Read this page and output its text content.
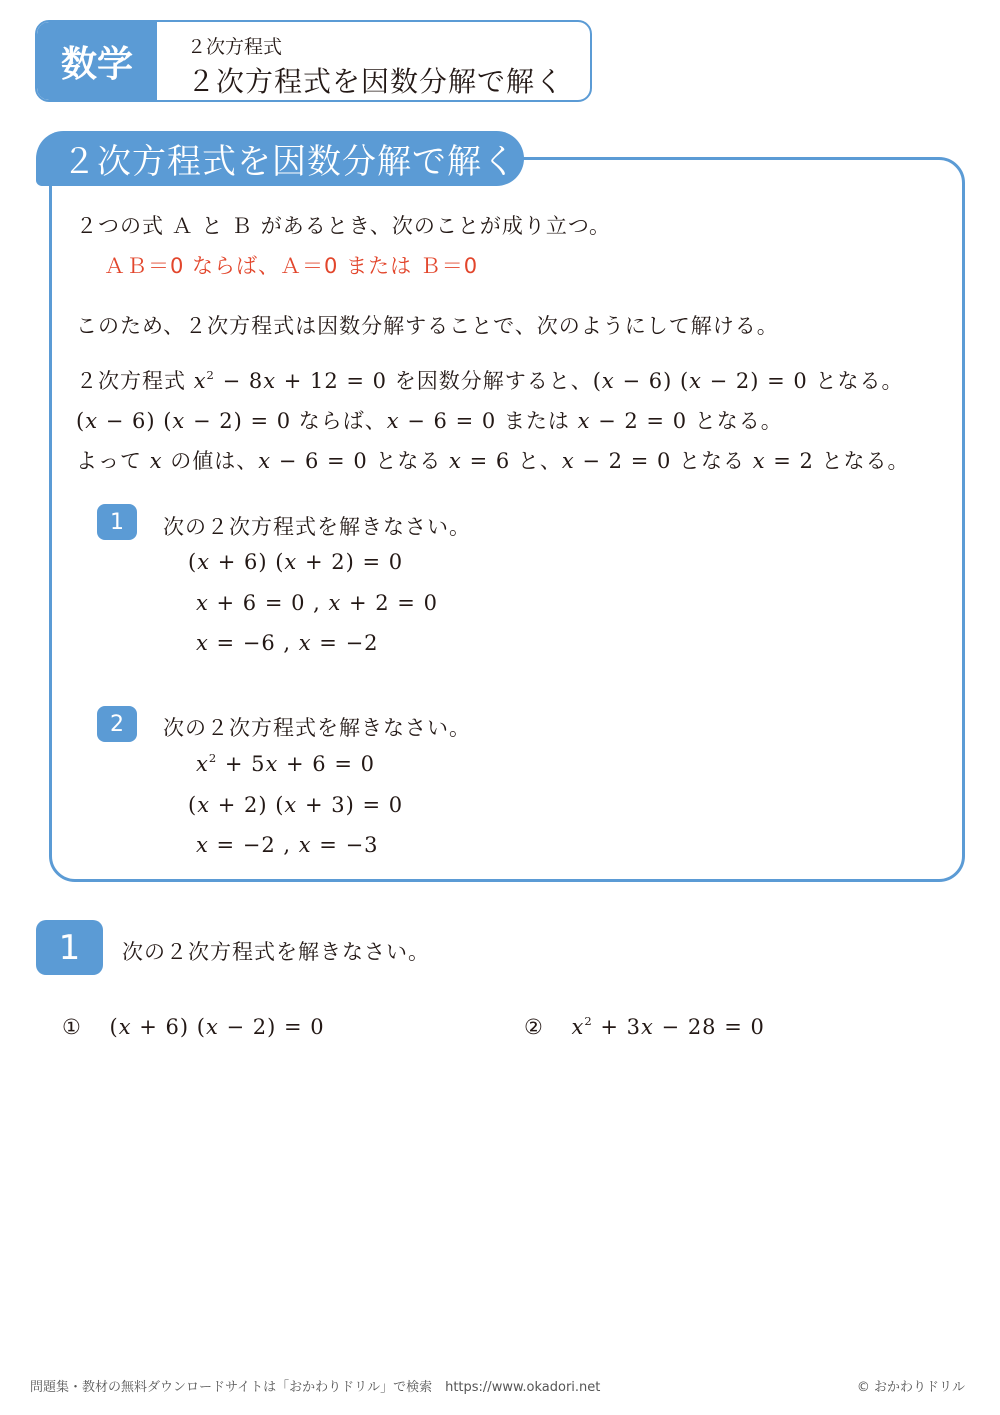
数学	２次方程式
２次方程式を因数分解で解く
２次方程式を因数分解で解く
２つの式 Ａ と Ｂ があるとき、次のことが成り立つ。
ＡＢ＝0 ならば、Ａ＝0 または Ｂ＝0
このため、２次方程式は因数分解することで、次のようにして解ける。
２次方程式 $x^2 - 8x + 12 = 0$ を因数分解すると、(x − 6) (x − 2) = 0 となる。
(x − 6) (x − 2) = 0 ならば、x − 6 = 0 または x − 2 = 0 となる。
よって x の値は、x − 6 = 0 となる x = 6 と、x − 2 = 0 となる x = 2 となる。
1	次の２次方程式を解きなさい。
(x + 6) (x + 2) = 0
x + 6 = 0 , x + 2 = 0
x = −6 , x = −2
2	次の２次方程式を解きなさい。
$x^2 + 5x + 6 = 0$
(x + 2) (x + 3) = 0
x = −2 , x = −3
1	次の２次方程式を解きなさい。
① (x + 6) (x − 2) = 0	② $x^2 + 3x - 28 = 0$
問題集・教材の無料ダウンロードサイトは「おかわりドリル」で検索　https://www.okadori.net	© おかわりドリル
